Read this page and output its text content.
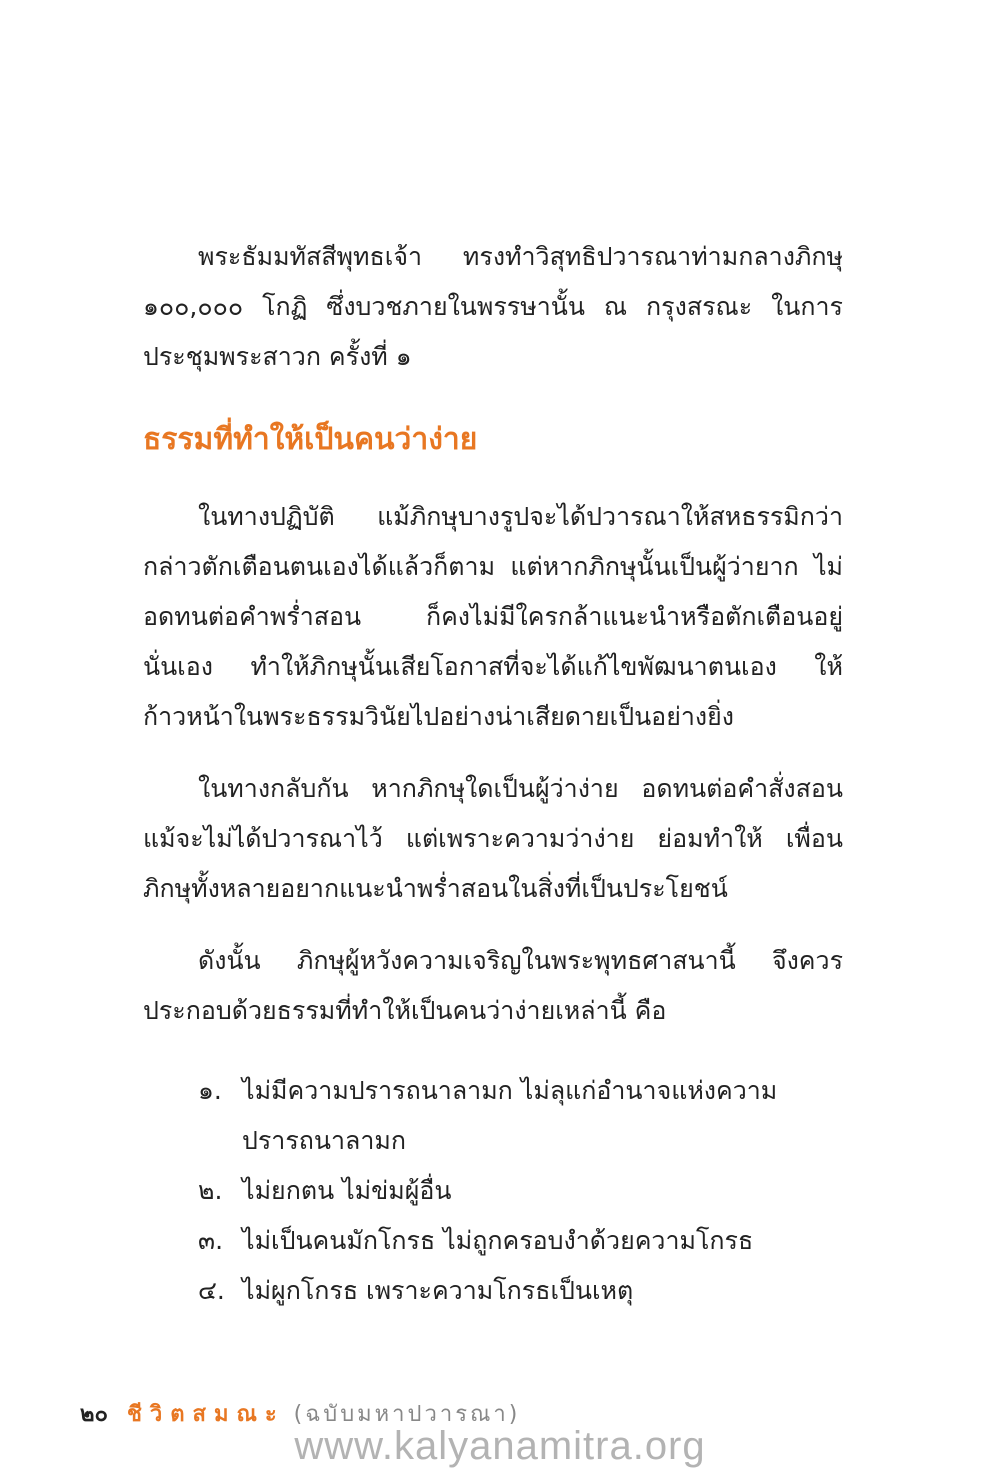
พระธัมมทัสสีพุทธเจ้า ทรงทำวิสุทธิปวารณาท่ามกลางภิกษุ ๑๐๐,๐๐๐ โกฏิ ซึ่งบวชภายในพรรษานั้น ณ กรุงสรณะ ในการประชุมพระสาวก ครั้งที่ ๑

ธรรมที่ทำให้เป็นคนว่าง่าย

ในทางปฏิบัติ แม้ภิกษุบางรูปจะได้ปวารณาให้สหธรรมิกว่ากล่าวตักเตือนตนเองได้แล้วก็ตาม แต่หากภิกษุนั้นเป็นผู้ว่ายาก ไม่อดทนต่อคำพร่ำสอน ก็คงไม่มีใครกล้าแนะนำหรือตักเตือนอยู่นั่นเอง ทำให้ภิกษุนั้นเสียโอกาสที่จะได้แก้ไขพัฒนาตนเอง ให้ก้าวหน้าในพระธรรมวินัยไปอย่างน่าเสียดายเป็นอย่างยิ่ง

ในทางกลับกัน หากภิกษุใดเป็นผู้ว่าง่าย อดทนต่อคำสั่งสอน แม้จะไม่ได้ปวารณาไว้ แต่เพราะความว่าง่าย ย่อมทำให้ เพื่อนภิกษุทั้งหลายอยากแนะนำพร่ำสอนในสิ่งที่เป็นประโยชน์

ดังนั้น ภิกษุผู้หวังความเจริญในพระพุทธศาสนานี้ จึงควรประกอบด้วยธรรมที่ทำให้เป็นคนว่าง่ายเหล่านี้ คือ

๑. ไม่มีความปรารถนาลามก ไม่ลุแก่อำนาจแห่งความปรารถนาลามก
๒. ไม่ยกตน ไม่ข่มผู้อื่น
๓. ไม่เป็นคนมักโกรธ ไม่ถูกครอบงำด้วยความโกรธ
๔. ไม่ผูกโกรธ เพราะความโกรธเป็นเหตุ
๒๐ ชีวิตสมณะ (ฉบับมหาปวารณา)
www.kalyanamitra.org
